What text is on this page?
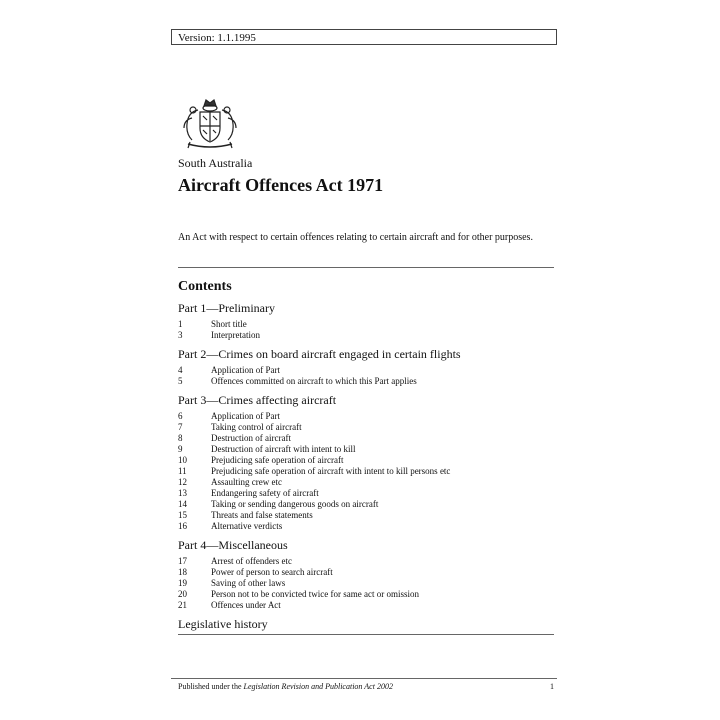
Version: 1.1.1995
South Australia
Aircraft Offences Act 1971
An Act with respect to certain offences relating to certain aircraft and for other purposes.
Contents
Part 1—Preliminary
1	Short title
3	Interpretation
Part 2—Crimes on board aircraft engaged in certain flights
4	Application of Part
5	Offences committed on aircraft to which this Part applies
Part 3—Crimes affecting aircraft
6	Application of Part
7	Taking control of aircraft
8	Destruction of aircraft
9	Destruction of aircraft with intent to kill
10	Prejudicing safe operation of aircraft
11	Prejudicing safe operation of aircraft with intent to kill persons etc
12	Assaulting crew etc
13	Endangering safety of aircraft
14	Taking or sending dangerous goods on aircraft
15	Threats and false statements
16	Alternative verdicts
Part 4—Miscellaneous
17	Arrest of offenders etc
18	Power of person to search aircraft
19	Saving of other laws
20	Person not to be convicted twice for same act or omission
21	Offences under Act
Legislative history
Published under the Legislation Revision and Publication Act 2002	1
